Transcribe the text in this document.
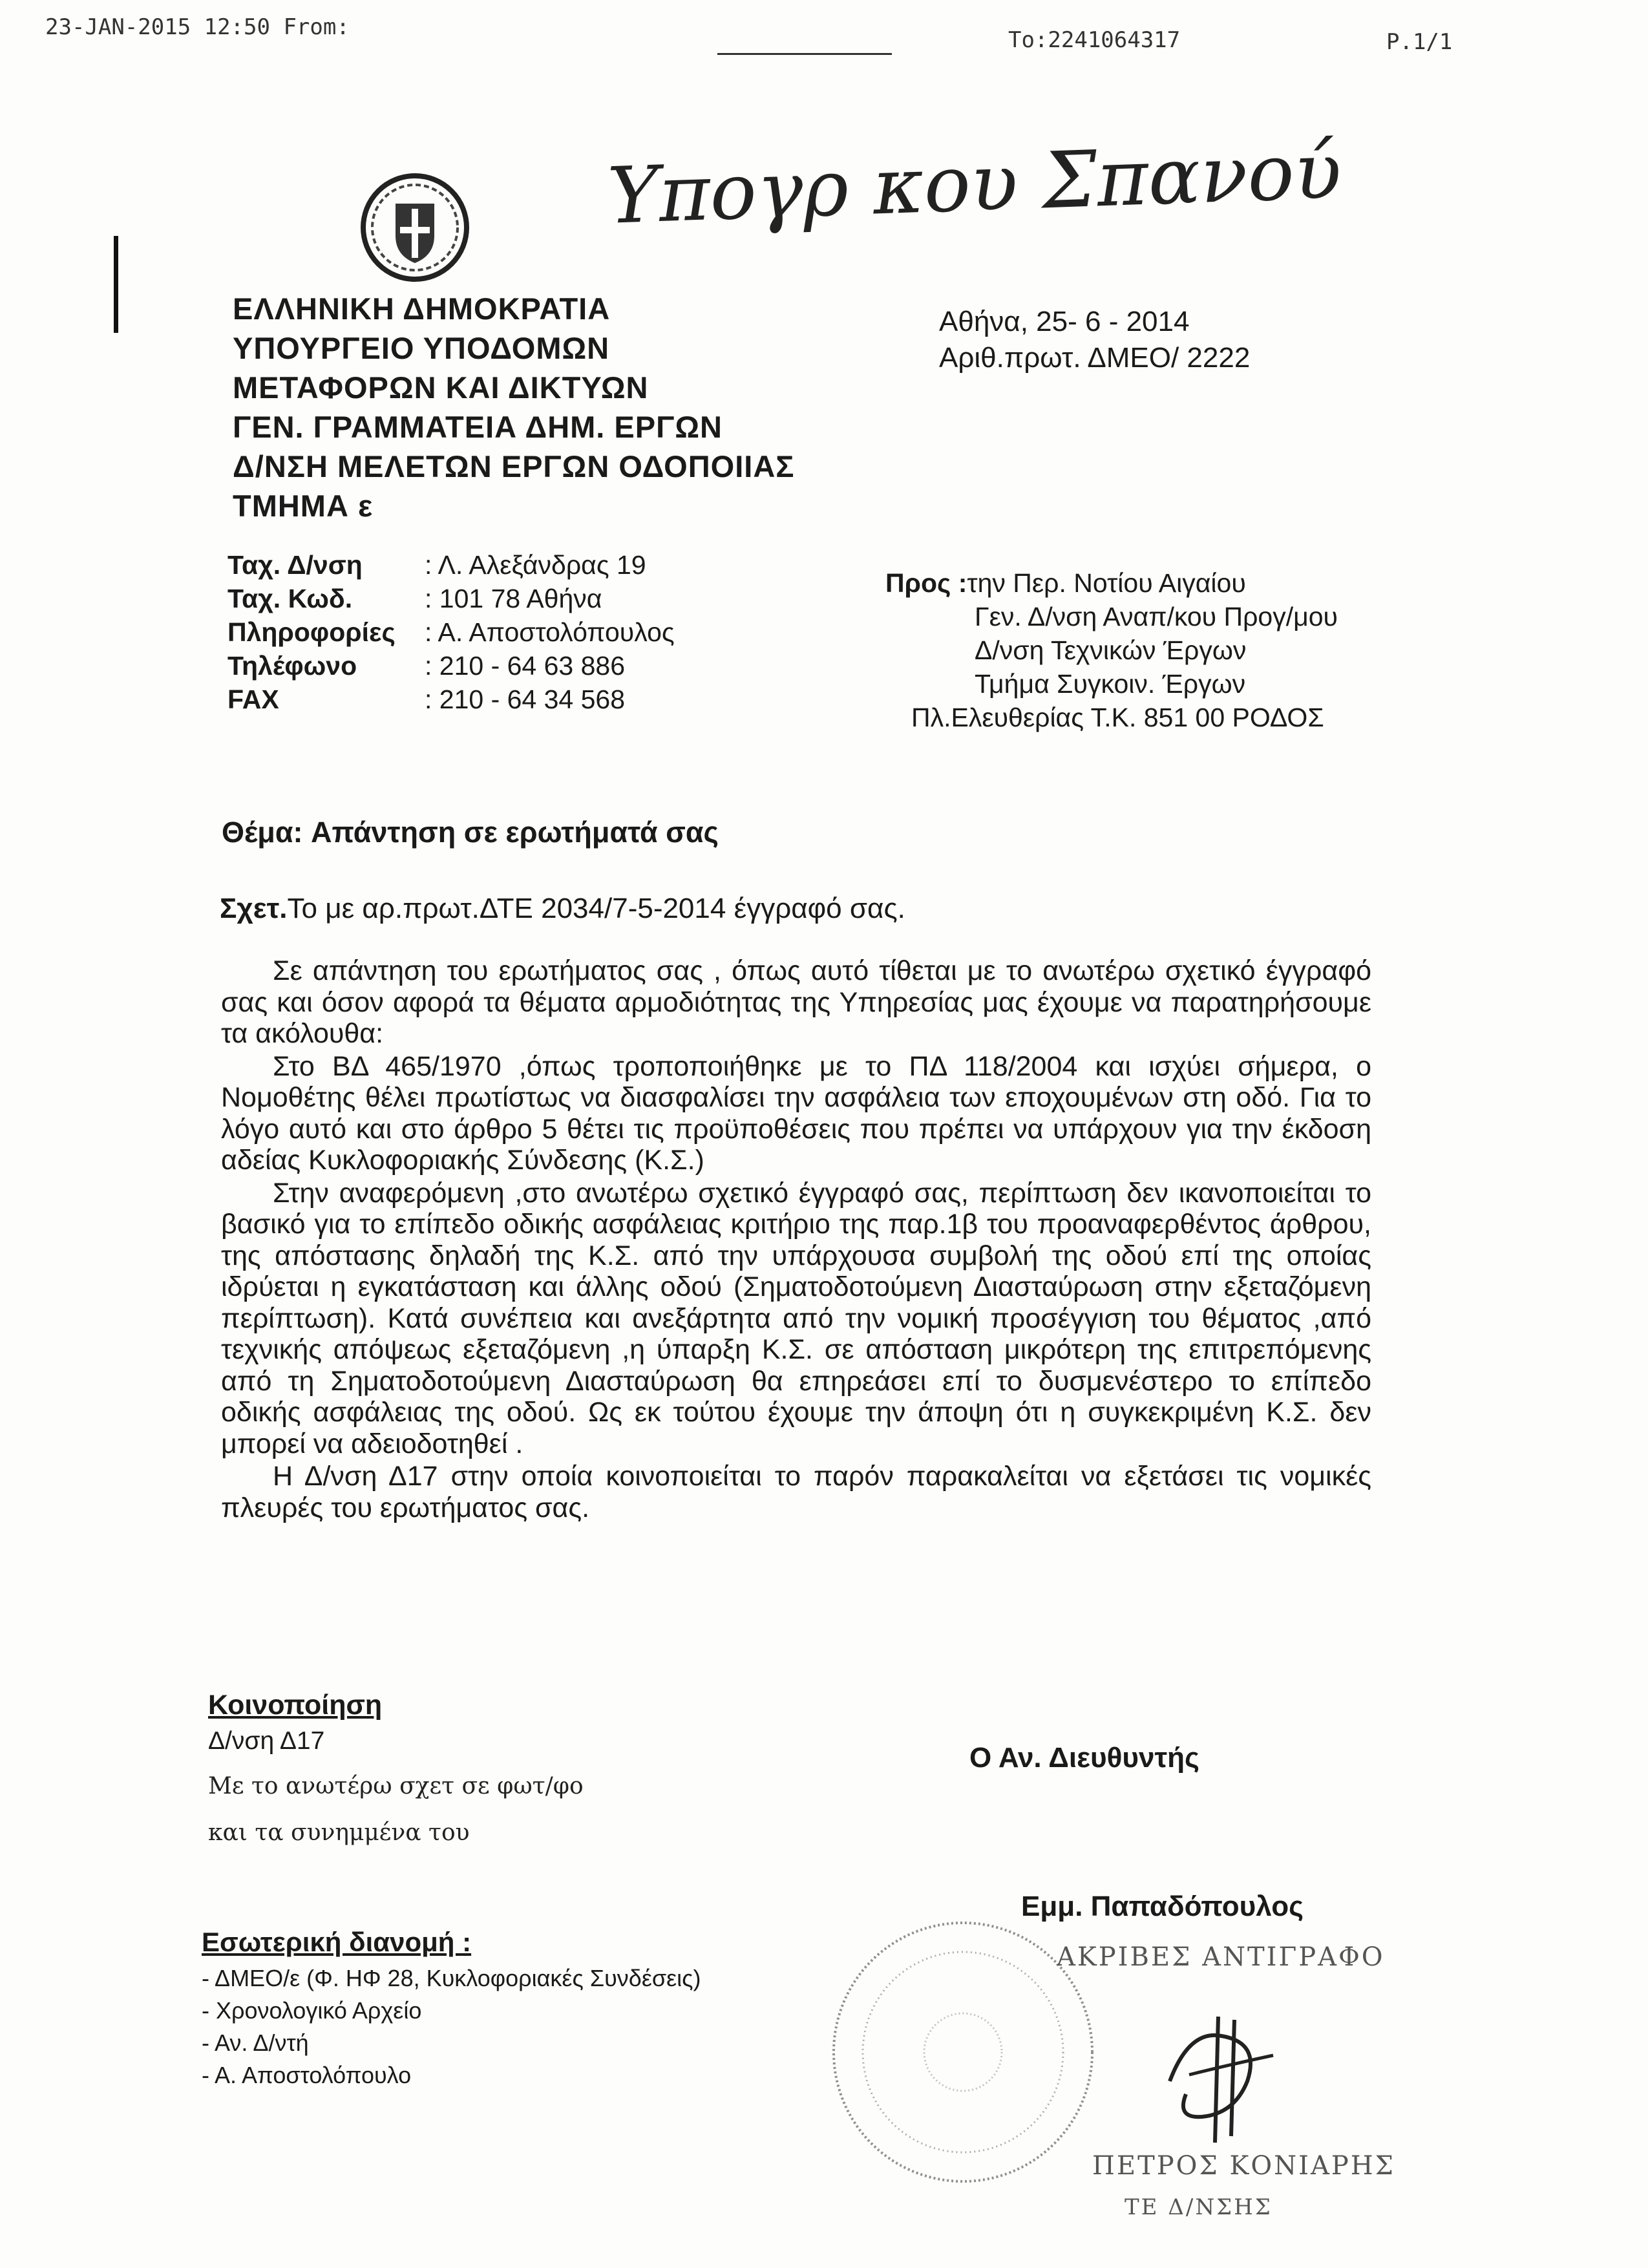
23-JAN-2015 12:50 From:	To:2241064317	P.1/1
Υπογρ κου Σπανού
ΕΛΛΗΝΙΚΗ ΔΗΜΟΚΡΑΤΙΑ
ΥΠΟΥΡΓΕΙΟ ΥΠΟΔΟΜΩΝ
ΜΕΤΑΦΟΡΩΝ ΚΑΙ ΔΙΚΤΥΩΝ
ΓΕΝ. ΓΡΑΜΜΑΤΕΙΑ ΔΗΜ. ΕΡΓΩΝ
Δ/ΝΣΗ ΜΕΛΕΤΩΝ ΕΡΓΩΝ ΟΔΟΠΟΙΙΑΣ
ΤΜΗΜΑ ε
Αθήνα, 25- 6 - 2014
Αριθ.πρωτ. ΔΜΕΟ/ 2222
Ταχ. Δ/νση	: Λ. Αλεξάνδρας 19
Ταχ. Κωδ.	: 101 78 Αθήνα
Πληροφορίες	: Α. Αποστολόπουλος
Τηλέφωνο	: 210 - 64 63 886
FAX	: 210 - 64 34 568
Προς :την Περ. Νοτίου Αιγαίου
Γεν. Δ/νση Αναπ/κου Προγ/μου
Δ/νση Τεχνικών Έργων
Τμήμα Συγκοιν. Έργων
Πλ.Ελευθερίας Τ.Κ. 851 00 ΡΟΔΟΣ
Θέμα: Απάντηση σε ερωτήματά σας
Σχετ.Το με αρ.πρωτ.ΔΤΕ 2034/7-5-2014 έγγραφό σας.

Σε απάντηση του ερωτήματος σας , όπως αυτό τίθεται με το ανωτέρω σχετικό έγγραφό σας και όσον αφορά τα θέματα αρμοδιότητας της Υπηρεσίας μας έχουμε να παρατηρήσουμε τα ακόλουθα:

Στο ΒΔ 465/1970 ,όπως τροποποιήθηκε με το ΠΔ 118/2004 και ισχύει σήμερα, ο Νομοθέτης θέλει πρωτίστως να διασφαλίσει την ασφάλεια των εποχουμένων στη οδό. Για το λόγο αυτό και στο άρθρο 5 θέτει τις προϋποθέσεις που πρέπει να υπάρχουν για την έκδοση αδείας Κυκλοφοριακής Σύνδεσης (Κ.Σ.)

Στην αναφερόμενη ,στο ανωτέρω σχετικό έγγραφό σας, περίπτωση δεν ικανοποιείται το βασικό για το επίπεδο οδικής ασφάλειας κριτήριο της παρ.1β του προαναφερθέντος άρθρου, της απόστασης δηλαδή της Κ.Σ. από την υπάρχουσα συμβολή της οδού επί της οποίας ιδρύεται η εγκατάσταση και άλλης οδού (Σηματοδοτούμενη Διασταύρωση στην εξεταζόμενη περίπτωση). Κατά συνέπεια και ανεξάρτητα από την νομική προσέγγιση του θέματος ,από τεχνικής απόψεως εξεταζόμενη ,η ύπαρξη Κ.Σ. σε απόσταση μικρότερη της επιτρεπόμενης από τη Σηματοδοτούμενη Διασταύρωση θα επηρεάσει επί το δυσμενέστερο το επίπεδο οδικής ασφάλειας της οδού. Ως εκ τούτου έχουμε την άποψη ότι η συγκεκριμένη Κ.Σ. δεν μπορεί να αδειοδοτηθεί .

Η Δ/νση Δ17 στην οποία κοινοποιείται το παρόν παρακαλείται να εξετάσει τις νομικές πλευρές του ερωτήματος σας.

Κοινοποίηση
Δ/νση Δ17
Με το ανωτέρω σχετ σε φωτ/φο
και τα συνημμένα του
Ο Αν. Διευθυντής
Εσωτερική διανομή :
- ΔΜΕΟ/ε (Φ. ΗΦ 28, Κυκλοφοριακές Συνδέσεις)
- Χρονολογικό Αρχείο
- Αν. Δ/ντή
- Α. Αποστολόπουλο
Εμμ. Παπαδόπουλος
ΑΚΡΙΒΕΣ ΑΝΤΙΓΡΑΦΟ
ΠΕΤΡΟΣ ΚΟΝΙΑΡΗΣ
ΤΕ Δ/ΝΣΗΣ
